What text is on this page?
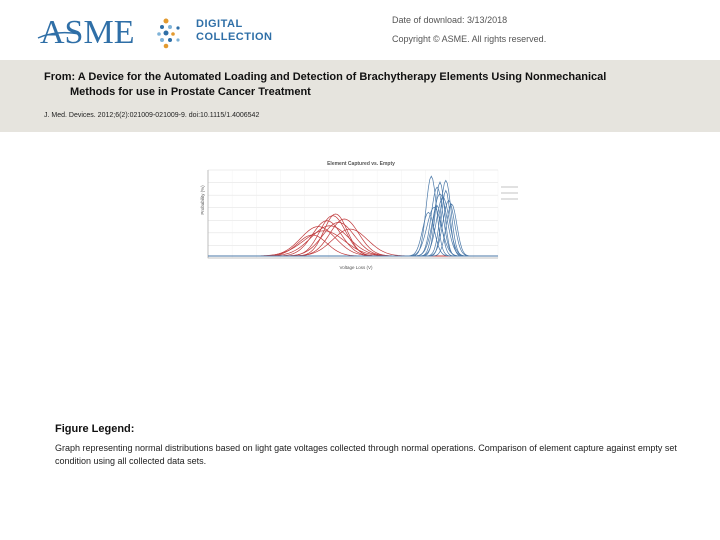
ASME	DIGITAL
COLLECTION
Date of download: 3/13/2018
Copyright © ASME. All rights reserved.
From: A Device for the Automated Loading and Detection of Brachytherapy Elements Using Nonmechanical
Methods for use in Prostate Cancer Treatment
J. Med. Devices. 2012;6(2):021009-021009-9. doi:10.1115/1.4006542
Element Captured vs. Empty
Probability (%)
Voltage Loss (V)
Figure Legend:
Graph representing normal distributions based on light gate voltages collected through normal operations. Comparison of element capture against empty set condition using all collected data sets.
